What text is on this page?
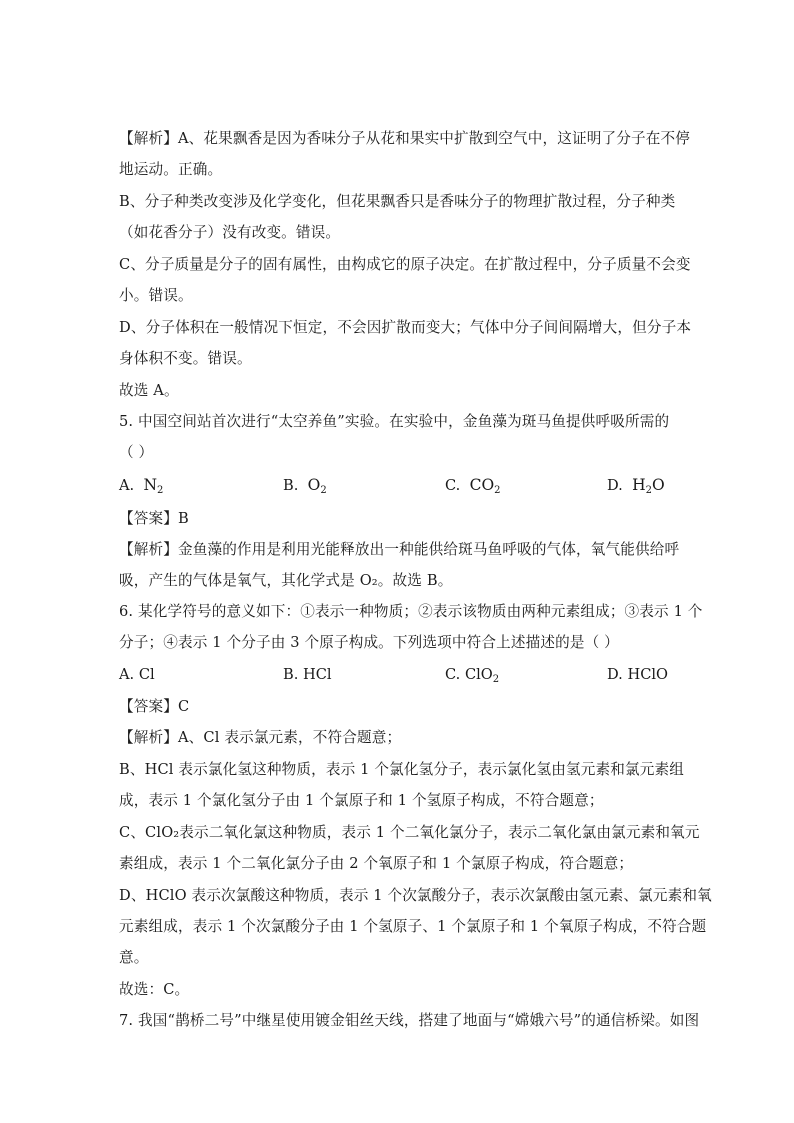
【解析】A、花果飘香是因为香味分子从花和果实中扩散到空气中，这证明了分子在不停
地运动。正确。
B、分子种类改变涉及化学变化，但花果飘香只是香味分子的物理扩散过程，分子种类
（如花香分子）没有改变。错误。
C、分子质量是分子的固有属性，由构成它的原子决定。在扩散过程中，分子质量不会变
小。错误。
D、分子体积在一般情况下恒定，不会因扩散而变大；气体中分子间间隔增大，但分子本
身体积不变。错误。
故选 A。
5. 中国空间站首次进行“太空养鱼”实验。在实验中，金鱼藻为斑马鱼提供呼吸所需的
（ ）
A. $N_2$	B. $O_2$	C. $CO_2$	D. $H_2O$
【答案】B
【解析】金鱼藻的作用是利用光能释放出一种能供给斑马鱼呼吸的气体，氧气能供给呼
吸，产生的气体是氧气，其化学式是 O₂。故选 B。
6. 某化学符号的意义如下：①表示一种物质；②表示该物质由两种元素组成；③表示 1 个
分子；④表示 1 个分子由 3 个原子构成。下列选项中符合上述描述的是（ ）
A. Cl	B. HCl	C. ClO$_2$	D. HClO
【答案】C
【解析】A、Cl 表示氯元素，不符合题意；
B、HCl 表示氯化氢这种物质，表示 1 个氯化氢分子，表示氯化氢由氢元素和氯元素组
成，表示 1 个氯化氢分子由 1 个氯原子和 1 个氢原子构成，不符合题意；
C、ClO₂表示二氧化氯这种物质，表示 1 个二氧化氯分子，表示二氧化氯由氯元素和氧元
素组成，表示 1 个二氧化氯分子由 2 个氧原子和 1 个氯原子构成，符合题意；
D、HClO 表示次氯酸这种物质，表示 1 个次氯酸分子，表示次氯酸由氢元素、氯元素和氧
元素组成，表示 1 个次氯酸分子由 1 个氢原子、1 个氯原子和 1 个氧原子构成，不符合题
意。
故选：C。
7. 我国“鹊桥二号”中继星使用镀金钼丝天线，搭建了地面与“嫦娥六号”的通信桥梁。如图
